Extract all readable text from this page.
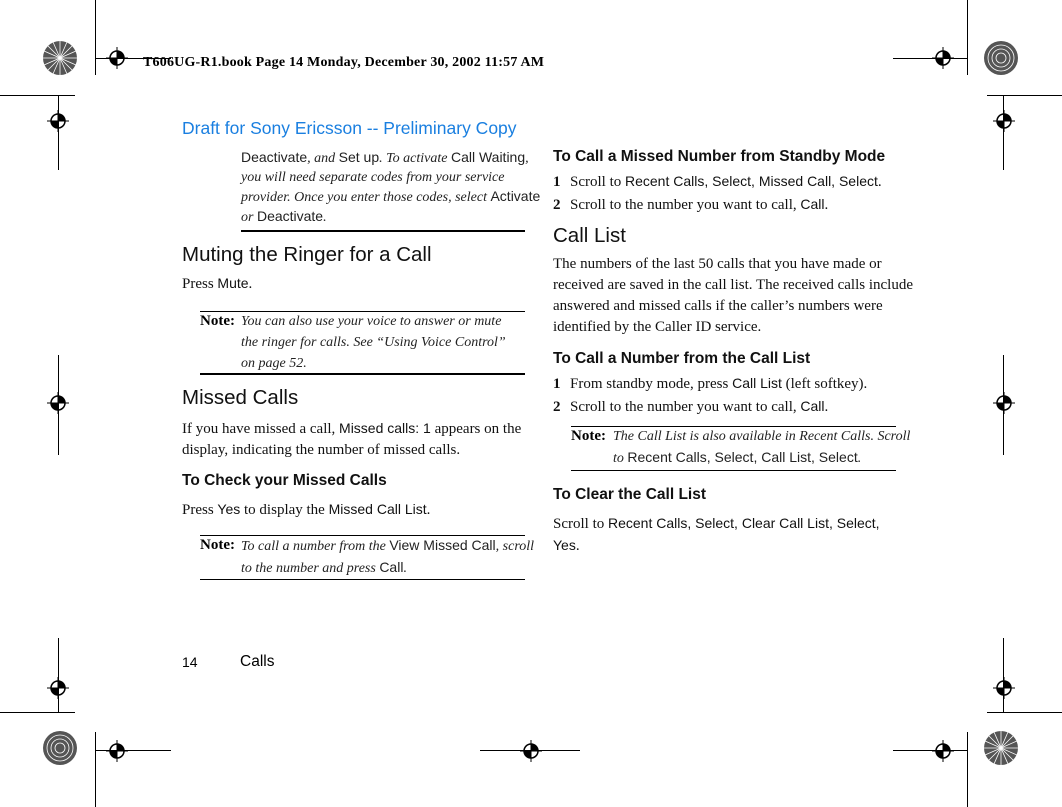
T606UG-R1.book Page 14 Monday, December 30, 2002 11:57 AM
Draft for Sony Ericsson -- Preliminary Copy
Deactivate, and Set up. To activate Call Waiting, you will need separate codes from your service provider. Once you enter those codes, select Activate or Deactivate.
Muting the Ringer for a Call
Press Mute.
Note: You can also use your voice to answer or mute the ringer for calls. See “Using Voice Control” on page 52.
Missed Calls
If you have missed a call, Missed calls: 1 appears on the display, indicating the number of missed calls.
To Check your Missed Calls
Press Yes to display the Missed Call List.
Note: To call a number from the View Missed Call, scroll to the number and press Call.
To Call a Missed Number from Standby Mode
1 Scroll to Recent Calls, Select, Missed Call, Select.
2 Scroll to the number you want to call, Call.
Call List
The numbers of the last 50 calls that you have made or received are saved in the call list. The received calls include answered and missed calls if the caller’s numbers were identified by the Caller ID service.
To Call a Number from the Call List
1 From standby mode, press Call List (left softkey).
2 Scroll to the number you want to call, Call.
Note: The Call List is also available in Recent Calls. Scroll to Recent Calls, Select, Call List, Select.
To Clear the Call List
Scroll to Recent Calls, Select, Clear Call List, Select, Yes.
14	Calls
